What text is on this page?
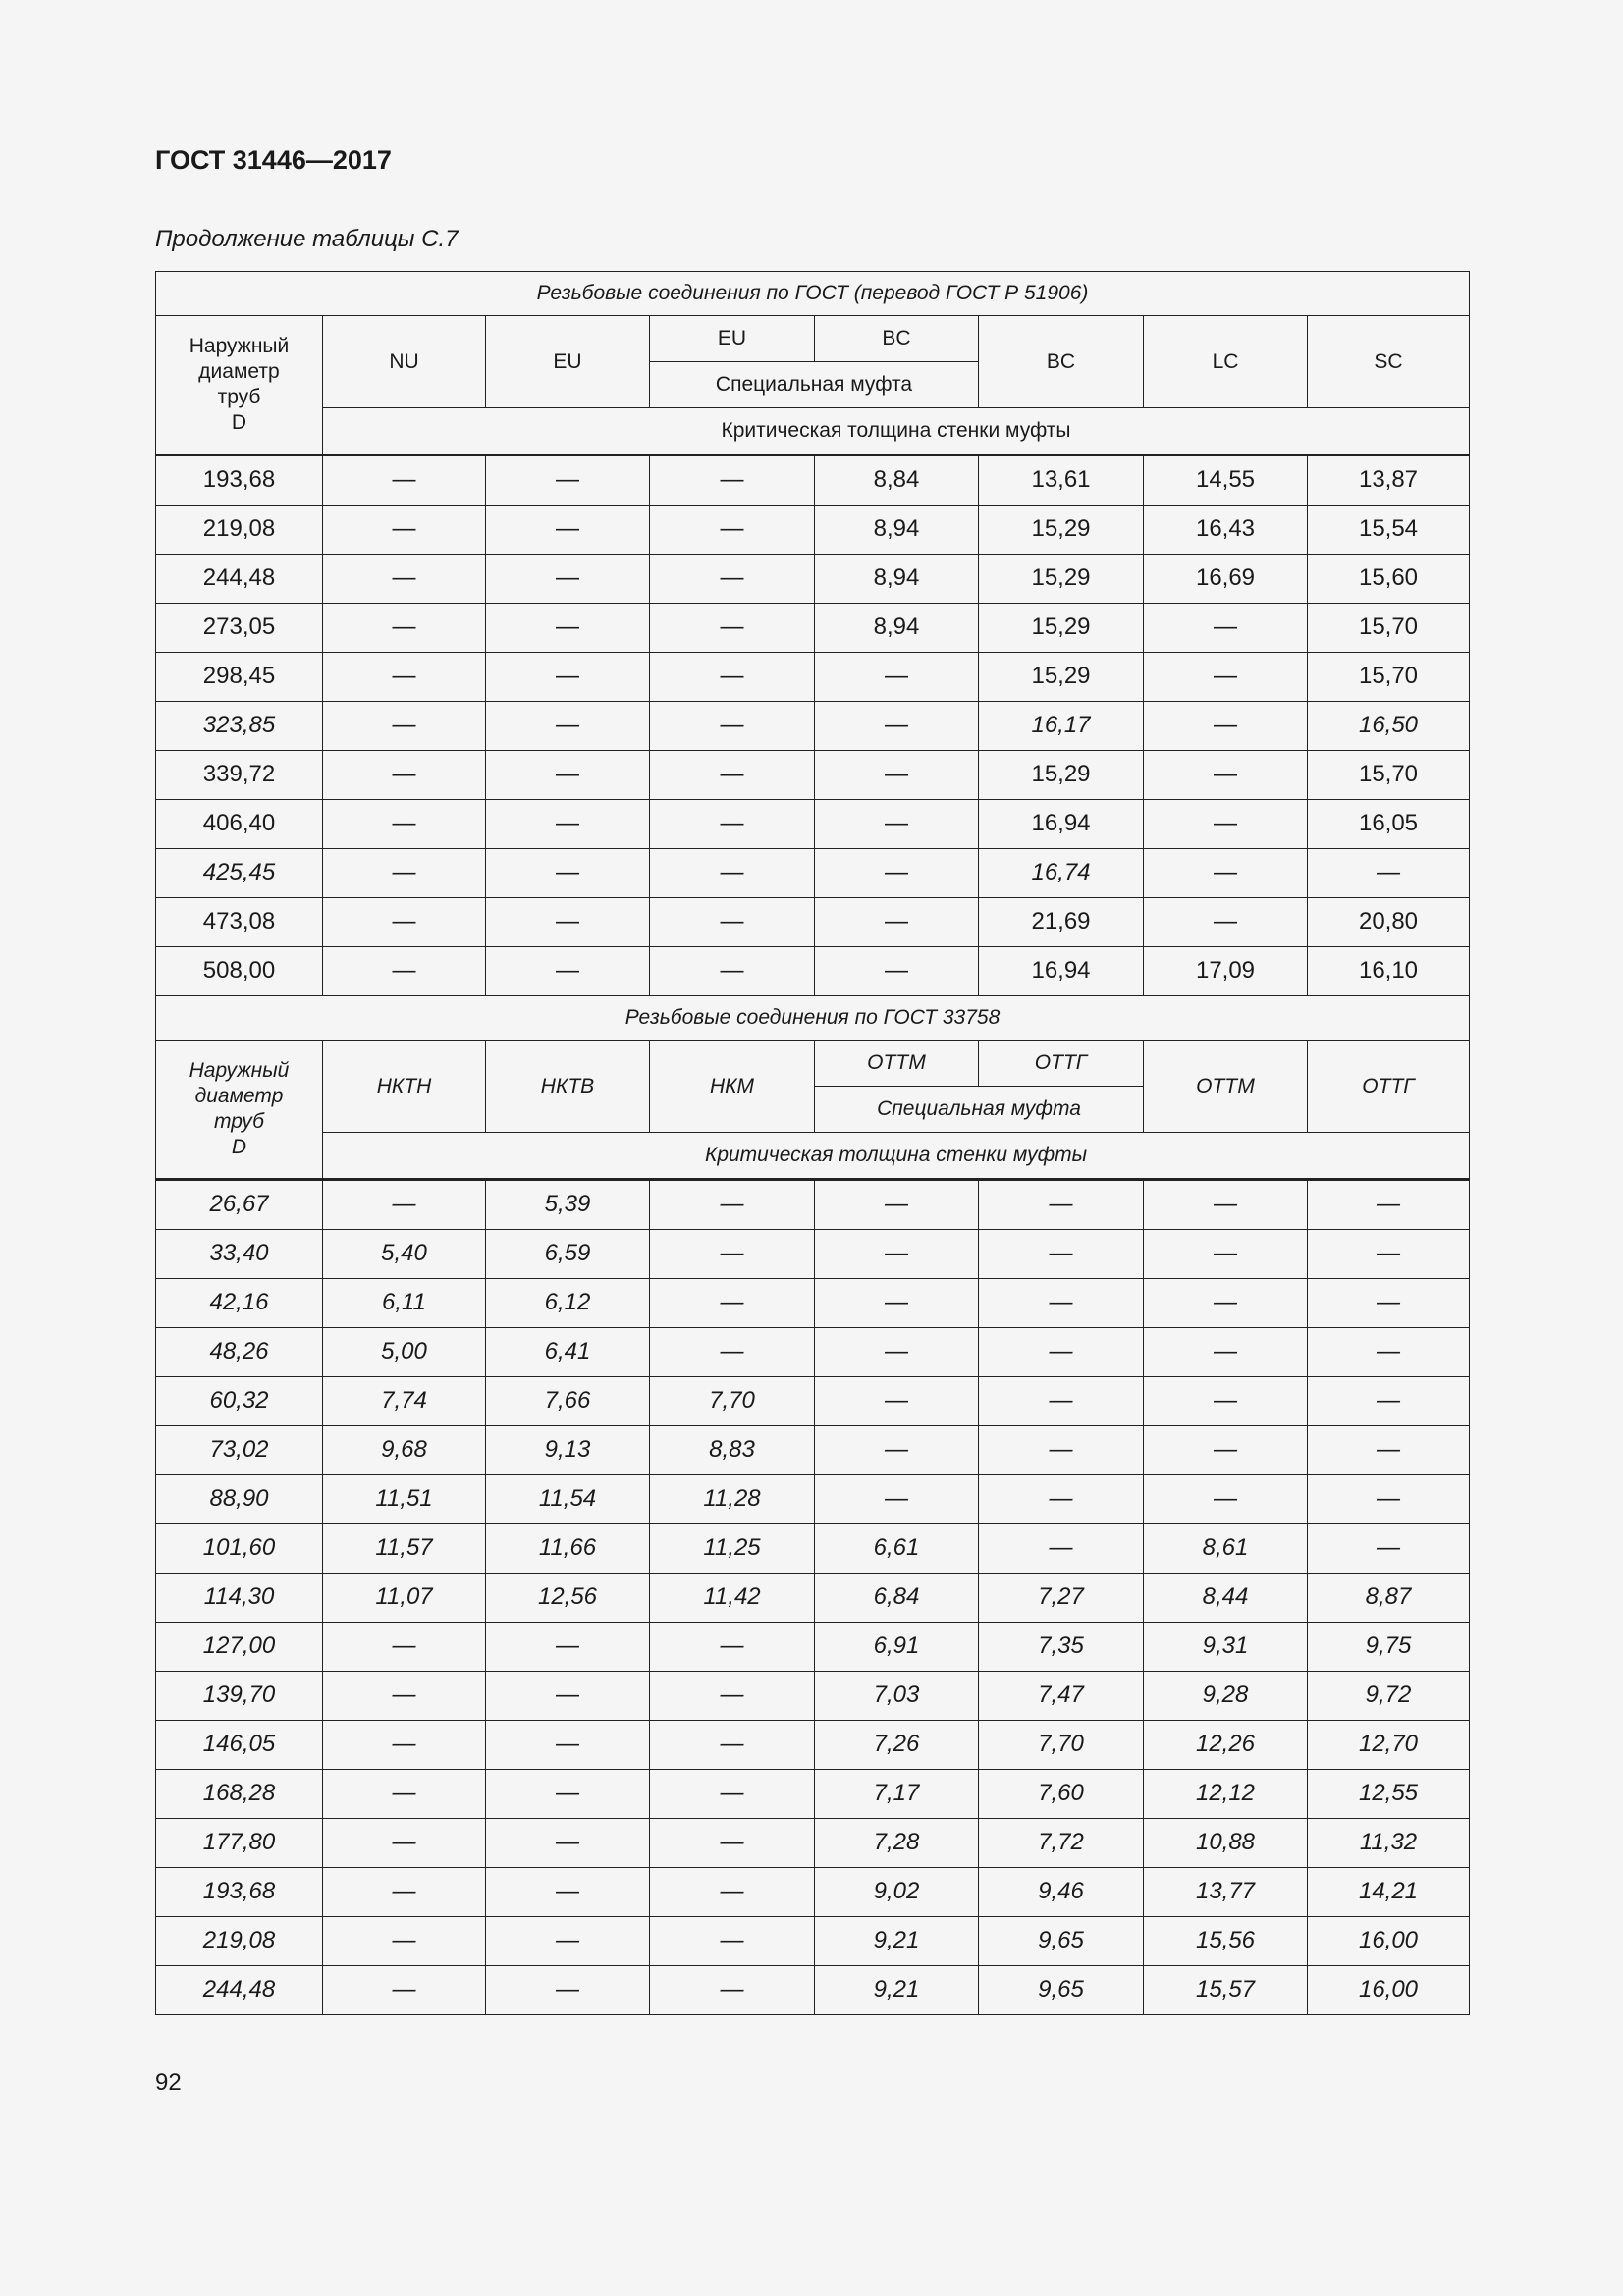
ГОСТ 31446—2017

Продолжение таблицы С.7

Резьбовые соединения по ГОСТ (перевод ГОСТ Р 51906)							
Наружный
диаметр
труб
D	NU	EU	EU	BC	BC	LC	SC
			Специальная муфта				
	Критическая толщина стенки муфты						
193,68	—	—	—	8,84	13,61	14,55	13,87
219,08	—	—	—	8,94	15,29	16,43	15,54
244,48	—	—	—	8,94	15,29	16,69	15,60
273,05	—	—	—	8,94	15,29	—	15,70
298,45	—	—	—	—	15,29	—	15,70
323,85	—	—	—	—	16,17	—	16,50
339,72	—	—	—	—	15,29	—	15,70
406,40	—	—	—	—	16,94	—	16,05
425,45	—	—	—	—	16,74	—	—
473,08	—	—	—	—	21,69	—	20,80
508,00	—	—	—	—	16,94	17,09	16,10
Резьбовые соединения по ГОСТ 33758							
Наружный
диаметр
труб
D	НКТН	НКТВ	НКМ	ОТТМ	ОТТГ	ОТТМ	ОТТГ
				Специальная муфта			
	Критическая толщина стенки муфты						
26,67	—	5,39	—	—	—	—	—
33,40	5,40	6,59	—	—	—	—	—
42,16	6,11	6,12	—	—	—	—	—
48,26	5,00	6,41	—	—	—	—	—
60,32	7,74	7,66	7,70	—	—	—	—
73,02	9,68	9,13	8,83	—	—	—	—
88,90	11,51	11,54	11,28	—	—	—	—
101,60	11,57	11,66	11,25	6,61	—	8,61	—
114,30	11,07	12,56	11,42	6,84	7,27	8,44	8,87
127,00	—	—	—	6,91	7,35	9,31	9,75
139,70	—	—	—	7,03	7,47	9,28	9,72
146,05	—	—	—	7,26	7,70	12,26	12,70
168,28	—	—	—	7,17	7,60	12,12	12,55
177,80	—	—	—	7,28	7,72	10,88	11,32
193,68	—	—	—	9,02	9,46	13,77	14,21
219,08	—	—	—	9,21	9,65	15,56	16,00
244,48	—	—	—	9,21	9,65	15,57	16,00
92
